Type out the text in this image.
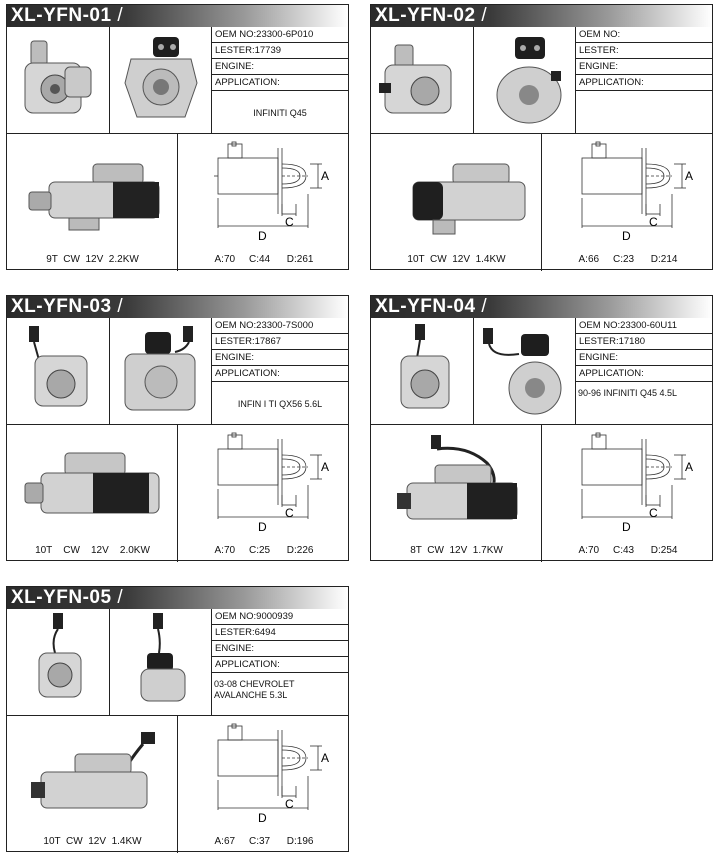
XL-YFN-01 /
OEM NO:23300-6P010
LESTER:17739
ENGINE:
APPLICATION:
INFINITI Q45
9T  CW  12V  2.2KW
A
C
D
A:70     C:44      D:261
XL-YFN-02 /
OEM NO:
LESTER:
ENGINE:
APPLICATION:
10T  CW  12V  1.4KW
A
C
D
A:66     C:23      D:214
XL-YFN-03 /
OEM NO:23300-7S000
LESTER:17867
ENGINE:
APPLICATION:
INFIN I TI QX56 5.6L
10T    CW    12V    2.0KW
A
C
D
A:70     C:25      D:226
XL-YFN-04 /
OEM NO:23300-60U11
LESTER:17180
ENGINE:
APPLICATION:
90-96 INFINITI Q45 4.5L
8T  CW  12V  1.7KW
A
C
D
A:70     C:43      D:254
XL-YFN-05 /
OEM NO:9000939
LESTER:6494
ENGINE:
APPLICATION:
03-08 CHEVROLET
AVALANCHE 5.3L
10T  CW  12V  1.4KW
A
C
D
A:67     C:37      D:196
